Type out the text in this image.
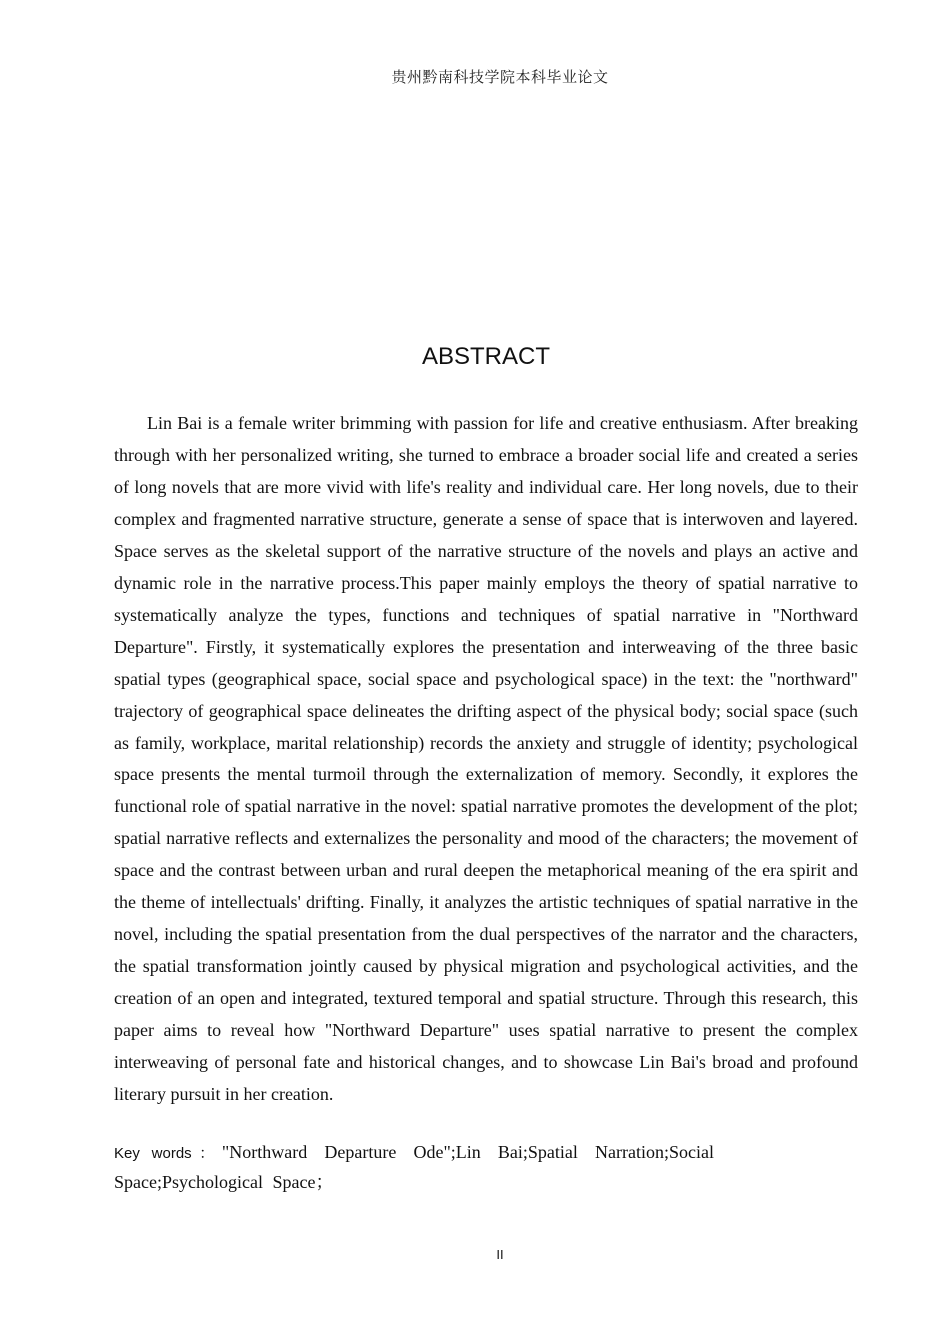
贵州黔南科技学院本科毕业论文
ABSTRACT

Lin Bai is a female writer brimming with passion for life and creative enthusiasm. After breaking through with her personalized writing, she turned to embrace a broader social life and created a series of long novels that are more vivid with life's reality and individual care. Her long novels, due to their complex and fragmented narrative structure, generate a sense of space that is interwoven and layered. Space serves as the skeletal support of the narrative structure of the novels and plays an active and dynamic role in the narrative process.This paper mainly employs the theory of spatial narrative to systematically analyze the types, functions and techniques of spatial narrative in "Northward Departure". Firstly, it systematically explores the presentation and interweaving of the three basic spatial types (geographical space, social space and psychological space) in the text: the "northward" trajectory of geographical space delineates the drifting aspect of the physical body; social space (such as family, workplace, marital relationship) records the anxiety and struggle of identity; psychological space presents the mental turmoil through the externalization of memory. Secondly, it explores the functional role of spatial narrative in the novel: spatial narrative promotes the development of the plot; spatial narrative reflects and externalizes the personality and mood of the characters; the movement of space and the contrast between urban and rural deepen the metaphorical meaning of the era spirit and the theme of intellectuals' drifting. Finally, it analyzes the artistic techniques of spatial narrative in the novel, including the spatial presentation from the dual perspectives of the narrator and the characters, the spatial transformation jointly caused by physical migration and psychological activities, and the creation of an open and integrated, textured temporal and spatial structure. Through this research, this paper aims to reveal how "Northward Departure" uses spatial narrative to present the complex interweaving of personal fate and historical changes, and to showcase Lin Bai's broad and profound literary pursuit in her creation.

Key words："Northward Departure Ode";Lin Bai;Spatial Narration;Social Space;Psychological Space；
II
